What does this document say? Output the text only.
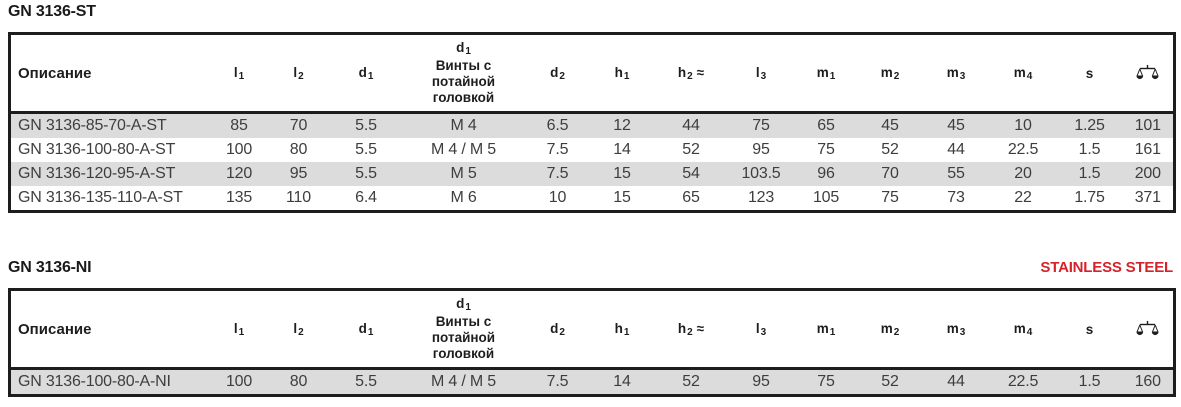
GN 3136-ST
Описание	l1	l2	d1	d1
Винты с
потайной
головкой	d2	h1	h2 ≈	l3	m1	m2	m3	m4	s	
GN 3136-85-70-A-ST	85	70	5.5	M 4	6.5	12	44	75	65	45	45	10	1.25	101
GN 3136-100-80-A-ST	100	80	5.5	M 4 / M 5	7.5	14	52	95	75	52	44	22.5	1.5	161
GN 3136-120-95-A-ST	120	95	5.5	M 5	7.5	15	54	103.5	96	70	55	20	1.5	200
GN 3136-135-110-A-ST	135	110	6.4	M 6	10	15	65	123	105	75	73	22	1.75	371
GN 3136-NI	STAINLESS STEEL
Описание	l1	l2	d1	d1
Винты с
потайной
головкой	d2	h1	h2 ≈	l3	m1	m2	m3	m4	s	
GN 3136-100-80-A-NI	100	80	5.5	M 4 / M 5	7.5	14	52	95	75	52	44	22.5	1.5	160
